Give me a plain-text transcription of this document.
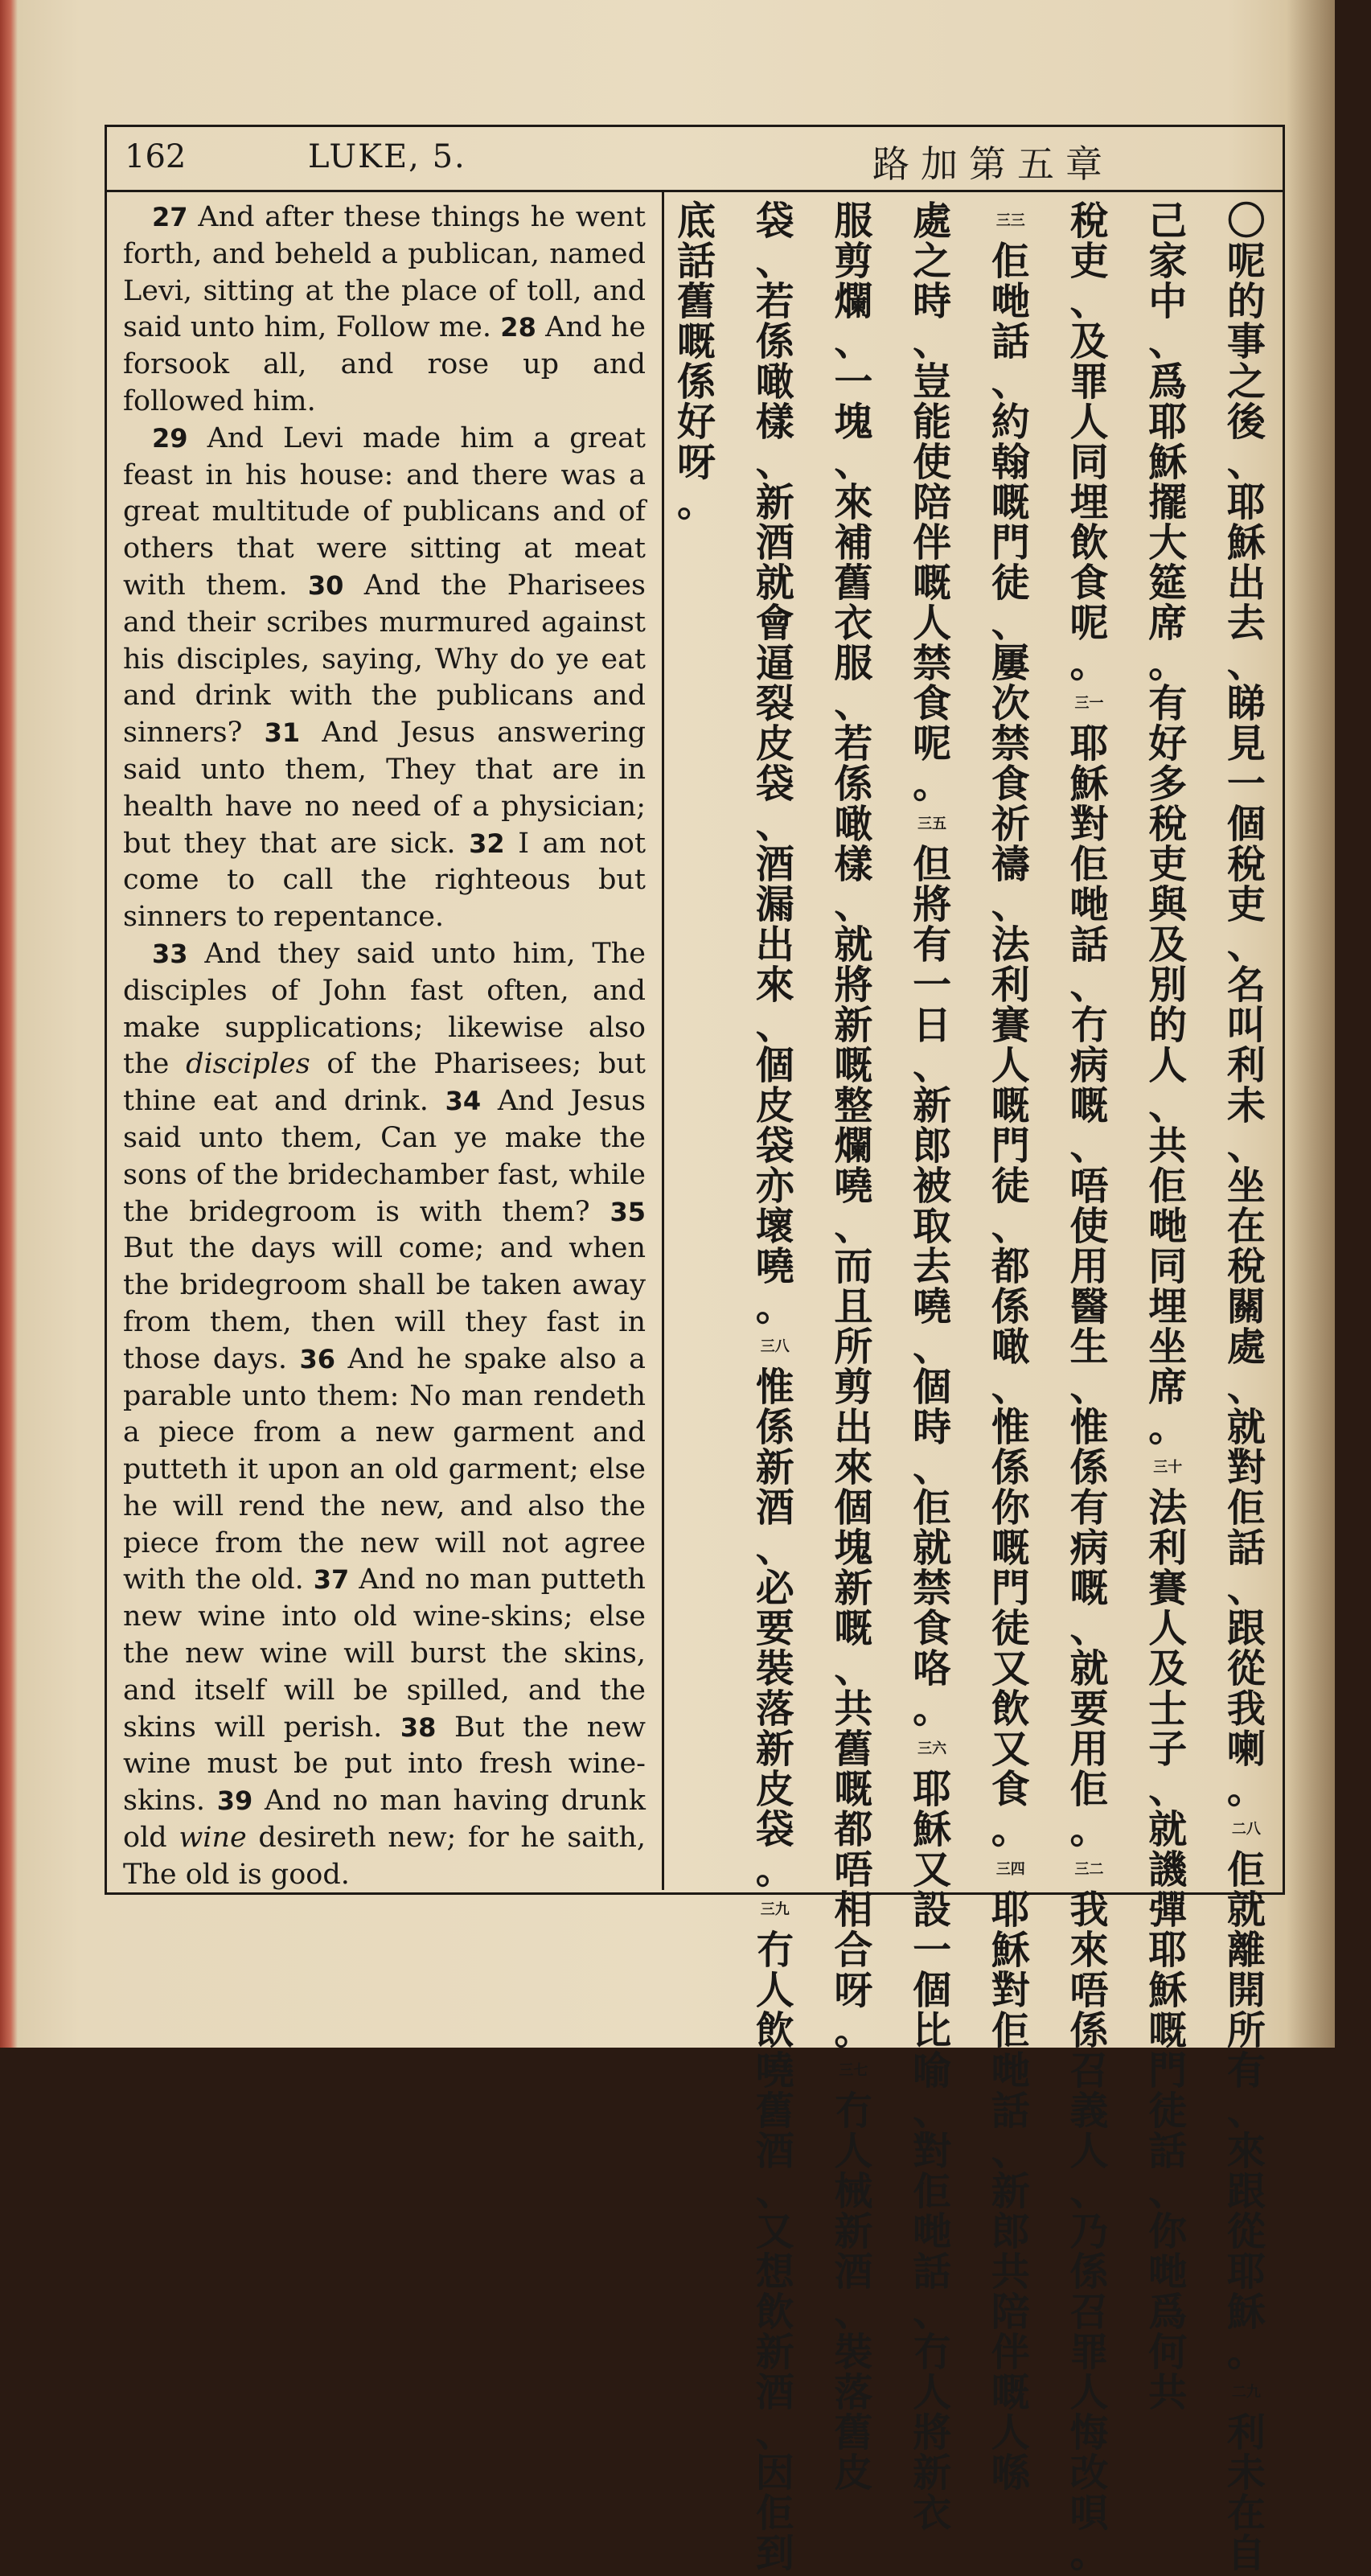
162	LUKE, 5.	路加第五章

27 And after these things he went forth, and beheld a publican, named Levi, sitting at the place of toll, and said unto him, Follow me. 28 And he forsook all, and rose up and followed him.

29 And Levi made him a great feast in his house: and there was a great multitude of publicans and of others that were sitting at meat with them. 30 And the Pharisees and their scribes murmured against his disciples, saying, Why do ye eat and drink with the publicans and sinners? 31 And Jesus answering said unto them, They that are in health have no need of a physician; but they that are sick. 32 I am not come to call the righteous but sinners to repentance.

33 And they said unto him, The disciples of John fast often, and make supplications; likewise also the disciples of the Pharisees; but thine eat and drink. 34 And Jesus said unto them, Can ye make the sons of the bridechamber fast, while the bridegroom is with them? 35 But the days will come; and when the bridegroom shall be taken away from them, then will they fast in those days. 36 And he spake also a parable unto them: No man rendeth a piece from a new garment and putteth it upon an old garment; else he will rend the new, and also the piece from the new will not agree with the old. 37 And no man putteth new wine into old wine-skins; else the new wine will burst the skins, and itself will be spilled, and the skins will perish. 38 But the new wine must be put into fresh wine-skins. 39 And no man having drunk old wine desireth new; for he saith, The old is good.

〇
呢
的
事
之
後
、
耶
穌
出
去
、
睇
見
一
個
稅
吏
、
名
叫
利
未
、
坐
在
稅
關
處
、
就
對
佢
話
、
跟
從
我
喇
。
二八
佢
就
離
開
所
有
、
來
跟
從
耶
穌
。
二九
利
未
在
自
己
家
中
、
爲
耶
穌
擺
大
筵
席
。
有
好
多
稅
吏
與
及
別
的
人
、
共
佢
哋
同
埋
坐
席
。
三十
法
利
賽
人
及
士
子
、
就
譏
彈
耶
穌
嘅
門
徒
話
、
你
哋
爲
何
共
稅
吏
、
及
罪
人
同
埋
飲
食
呢
。
三一
耶
穌
對
佢
哋
話
、
冇
病
嘅
、
唔
使
用
醫
生
、
惟
係
有
病
嘅
、
就
要
用
佢
。
三二
我
來
唔
係
召
義
人
、
乃
係
召
罪
人
悔
改
唄
。
三三
佢
哋
話
、
約
翰
嘅
門
徒
、
屢
次
禁
食
祈
禱
、
法
利
賽
人
嘅
門
徒
、
都
係
噉
、
惟
係
你
嘅
門
徒
又
飲
又
食
。
三四
耶
穌
對
佢
哋
話
、
新
郎
共
陪
伴
嘅
人
喺
處
之
時
、
豈
能
使
陪
伴
嘅
人
禁
食
呢
。
三五
但
將
有
一
日
、
新
郎
被
取
去
嘵
、
個
時
、
佢
就
禁
食
咯
。
三六
耶
穌
又
設
一
個
比
喻
、
對
佢
哋
話
、
冇
人
將
新
衣
服
剪
爛
、
一
塊
、
來
補
舊
衣
服
、
若
係
噉
樣
、
就
將
新
嘅
整
爛
嘵
、
而
且
所
剪
出
來
個
塊
新
嘅
、
共
舊
嘅
都
唔
相
合
呀
。
三七
冇
人
械
新
酒
、
裝
落
舊
皮
袋
、
若
係
噉
樣
、
新
酒
就
會
逼
裂
皮
袋
、
酒
漏
出
來
、
個
皮
袋
亦
壞
嘵
。
三八
惟
係
新
酒
、
必
要
裝
落
新
皮
袋
。
三九
冇
人
飲
嘵
舊
酒
、
又
想
飲
新
酒
、
因
佢
到
底
話
舊
嘅
係
好
呀
。
